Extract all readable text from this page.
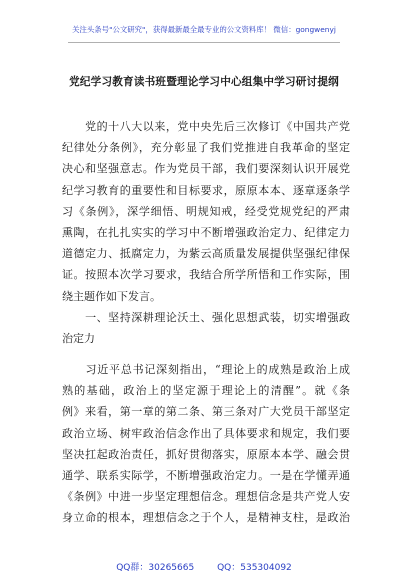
关注头条号"公文研究"，获得最新最全最专业的公文资料库！ 微信：gongwenyj
党纪学习教育读书班暨理论学习中心组集中学习研讨提纲
　　党的十八大以来，党中央先后三次修订《中国共产党
纪律处分条例》，充分彰显了我们党推进自我革命的坚定
决心和坚强意志。作为党员干部，我们要深刻认识开展党
纪学习教育的重要性和目标要求，原原本本、逐章逐条学
习《条例》，深学细悟、明规知戒，经受党规党纪的严肃
熏陶，在扎扎实实的学习中不断增强政治定力、纪律定力
道德定力、抵腐定力，为紫云高质量发展提供坚强纪律保
证。按照本次学习要求，我结合所学所悟和工作实际，围
绕主题作如下发言。
　　一、坚持深耕理论沃土、强化思想武装，切实增强政
治定力
　　习近平总书记深刻指出，“理论上的成熟是政治上成
熟的基础，政治上的坚定源于理论上的清醒”。就《条
例》来看，第一章的第二条、第三条对广大党员干部坚定
政治立场、树牢政治信念作出了具体要求和规定，我们要
坚决扛起政治责任，抓好贯彻落实，原原本本学、融会贯
通学、联系实际学，不断增强政治定力。一是在学懂弄通
《条例》中进一步坚定理想信念。理想信念是共产党人安
身立命的根本，理想信念之于个人，是精神支柱，是政治
QQ群：30265665	QQ：535304092
